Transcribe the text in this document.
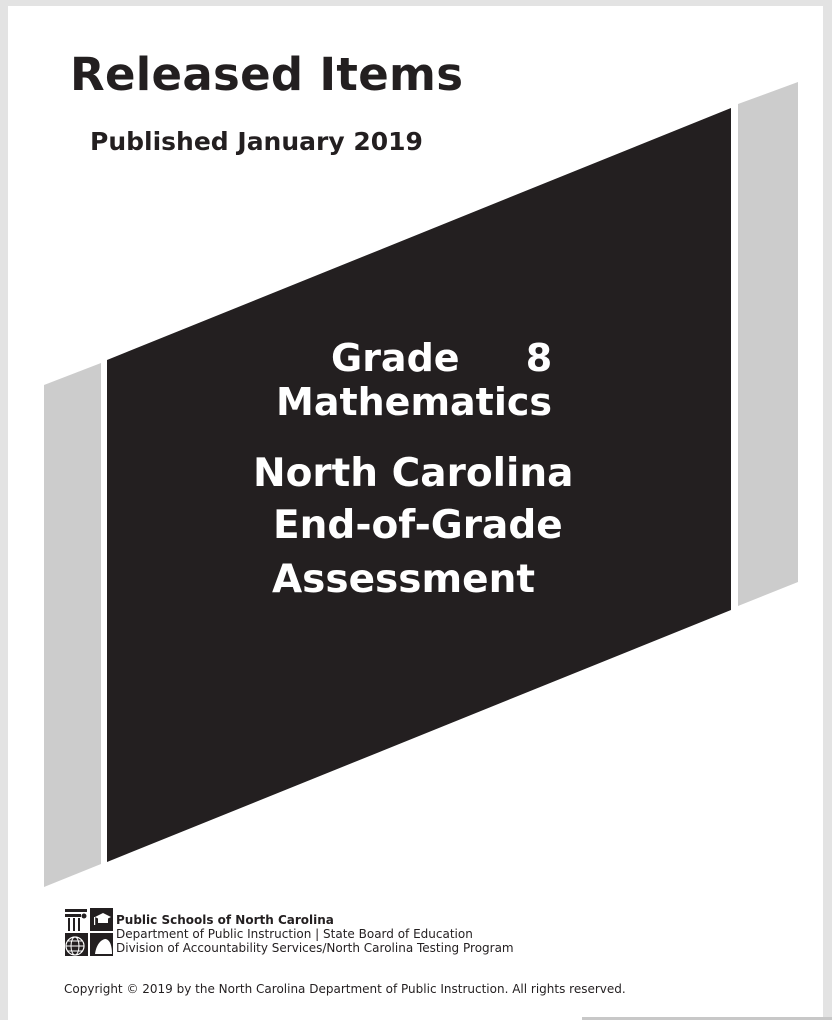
Released Items
Published January 2019
Grade     8
Mathematics
North Carolina
End-of-Grade
Assessment
Public Schools of North Carolina
Department of Public Instruction | State Board of Education
Division of Accountability Services/North Carolina Testing Program
Copyright © 2019 by the North Carolina Department of Public Instruction. All rights reserved.
